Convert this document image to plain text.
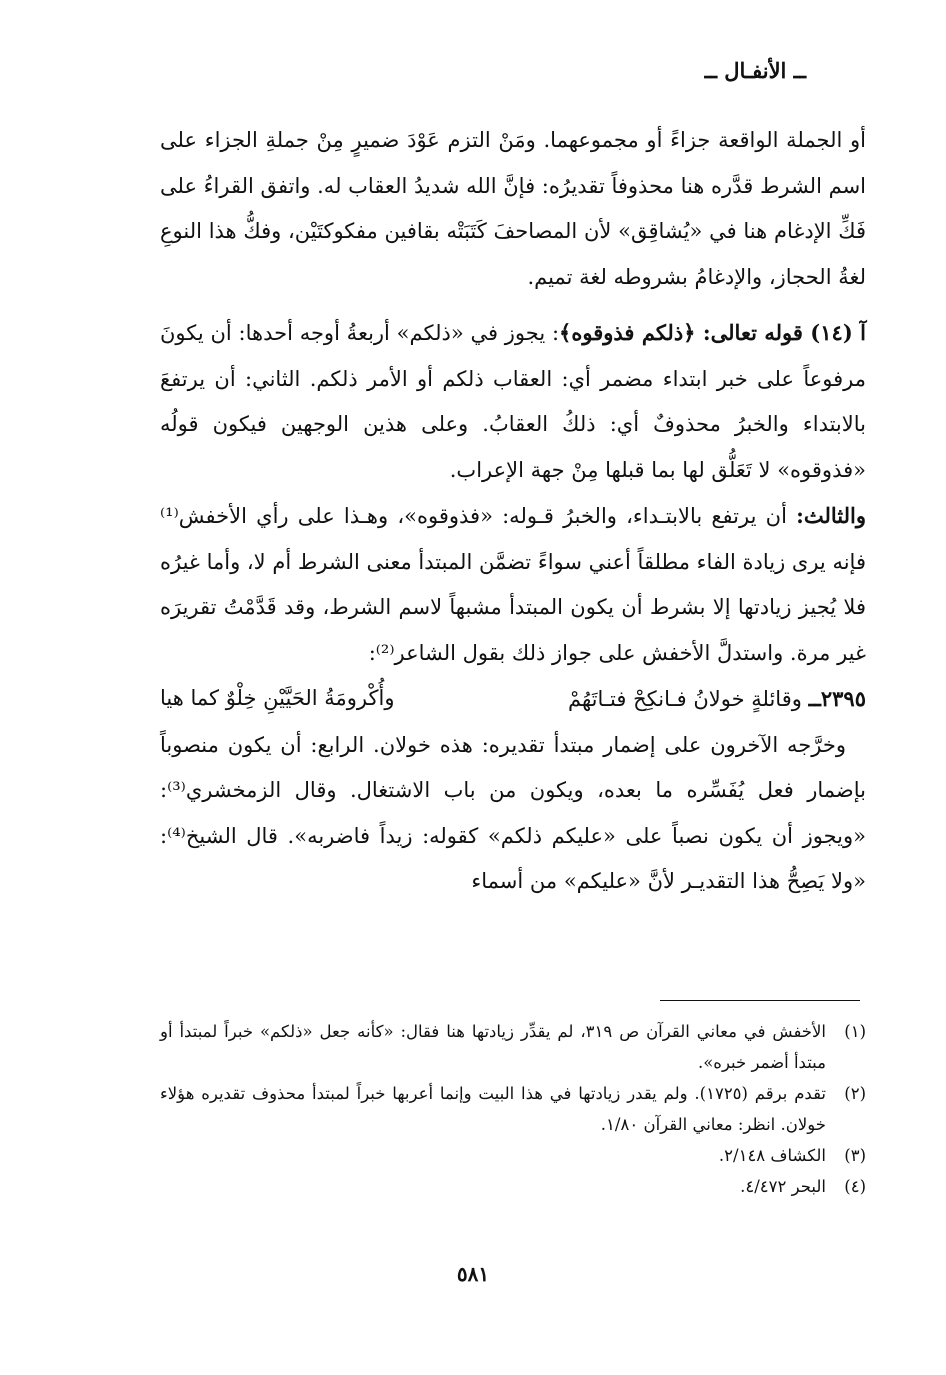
ــ الأنفـال ــ

أو الجملة الواقعة جزاءً أو مجموعهما. ومَنْ التزم عَوْدَ ضميرٍ مِنْ جملةِ الجزاء على اسم الشرط قدَّره هنا محذوفاً تقديرُه: فإنَّ الله شديدُ العقاب له. واتفق القراءُ على فَكِّ الإدغام هنا في «يُشاقِق» لأن المصاحفَ كَتَبَتْه بقافين مفكوكتَيْن، وفكُّ هذا النوعِ لغةُ الحجاز، والإدغامُ بشروطه لغة تميم.

آ (١٤) قوله تعالى: ﴿ذلكم فذوقوه﴾: يجوز في «ذلكم» أربعةُ أوجه أحدها: أن يكونَ مرفوعاً على خبر ابتداء مضمر أي: العقاب ذلكم أو الأمر ذلكم. الثاني: أن يرتفعَ بالابتداء والخبرُ محذوفٌ أي: ذلكُ العقابُ. وعلى هذين الوجهين فيكون قولُه «فذوقوه» لا تَعَلُّق لها بما قبلها مِنْ جهة الإعراب.

والثالث: أن يرتفع بالابتـداء، والخبرُ قـوله: «فذوقوه»، وهـذا على رأي الأخفش⁽¹⁾ فإنه يرى زيادة الفاء مطلقاً أعني سواءً تضمَّن المبتدأ معنى الشرط أم لا، وأما غيرُه فلا يُجيز زيادتها إلا بشرط أن يكون المبتدأ مشبهاً لاسم الشرط، وقد قَدَّمْتُ تقريرَه غير مرة. واستدلَّ الأخفش على جواز ذلك بقول الشاعر⁽²⁾:

٢٣٩٥ــ وقائلةٍ خولانُ فـانكِحْ فتـاتَهُمْ
وأُكْرومَةُ الحَيَّيْنِ خِلْوٌ كما هيا

وخرَّجه الآخرون على إضمار مبتدأ تقديره: هذه خولان. الرابع: أن يكون منصوباً بإضمار فعل يُفَسِّره ما بعده، ويكون من باب الاشتغال. وقال الزمخشري⁽³⁾: «ويجوز أن يكون نصباً على «عليكم ذلكم» كقوله: زيداً فاضربه». قال الشيخ⁽⁴⁾: «ولا يَصِحُّ هذا التقديـر لأنَّ «عليكم» من أسماء

(١)
الأخفش في معاني القرآن ص ٣١٩، لم يقدِّر زيادتها هنا فقال: «كأنه جعل «ذلكم» خبراً لمبتدأ أو مبتدأ أضمر خبره».
(٢)
تقدم برقم (١٧٢٥). ولم يقدر زيادتها في هذا البيت وإنما أعربها خبراً لمبتدأ محذوف تقديره هؤلاء خولان. انظر: معاني القرآن ١/٨٠.
(٣)
الكشاف ٢/١٤٨.
(٤)
البحر ٤/٤٧٢.
٥٨١
